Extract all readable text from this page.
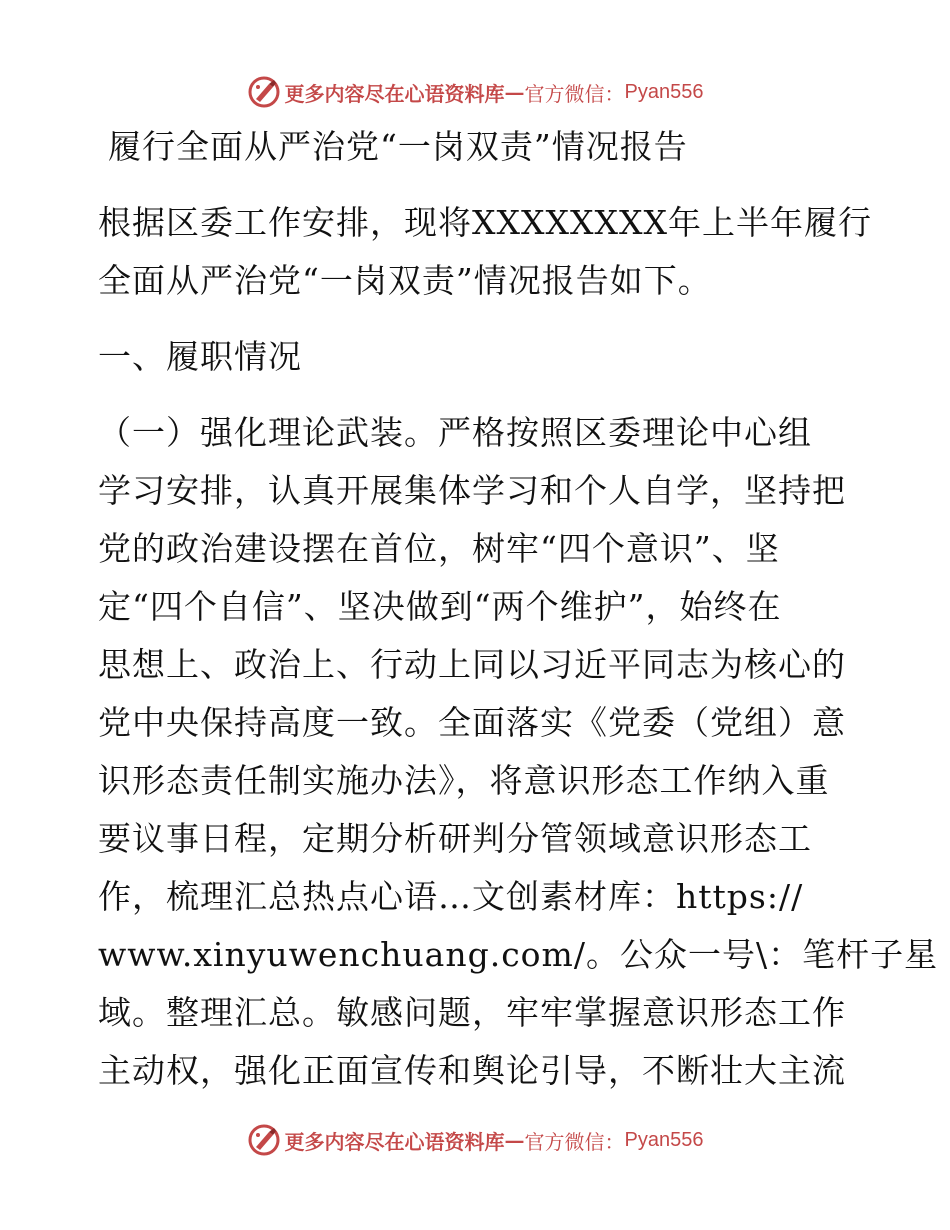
更多内容尽在心语资料库 — 官方微信： Pyan556
履行全面从严治党“一岗双责”情况报告
根据区委工作安排，现将XXXXXXXX年上半年履行
全面从严治党“一岗双责”情况报告如下。
一、履职情况
（一）强化理论武装。严格按照区委理论中心组
学习安排，认真开展集体学习和个人自学，坚持把
党的政治建设摆在首位，树牢“四个意识”、坚
定“四个自信”、坚决做到“两个维护”，始终在
思想上、政治上、行动上同以习近平同志为核心的
党中央保持高度一致。全面落实《党委（党组）意
识形态责任制实施办法》，将意识形态工作纳入重
要议事日程，定期分析研判分管领域意识形态工
作，梳理汇总热点心语…文创素材库：https://
www.xinyuwenchuang.com/。公众一号\：笔杆子星
域。整理汇总。敏感问题，牢牢掌握意识形态工作
主动权，强化正面宣传和舆论引导，不断壮大主流
更多内容尽在心语资料库 — 官方微信： Pyan556
